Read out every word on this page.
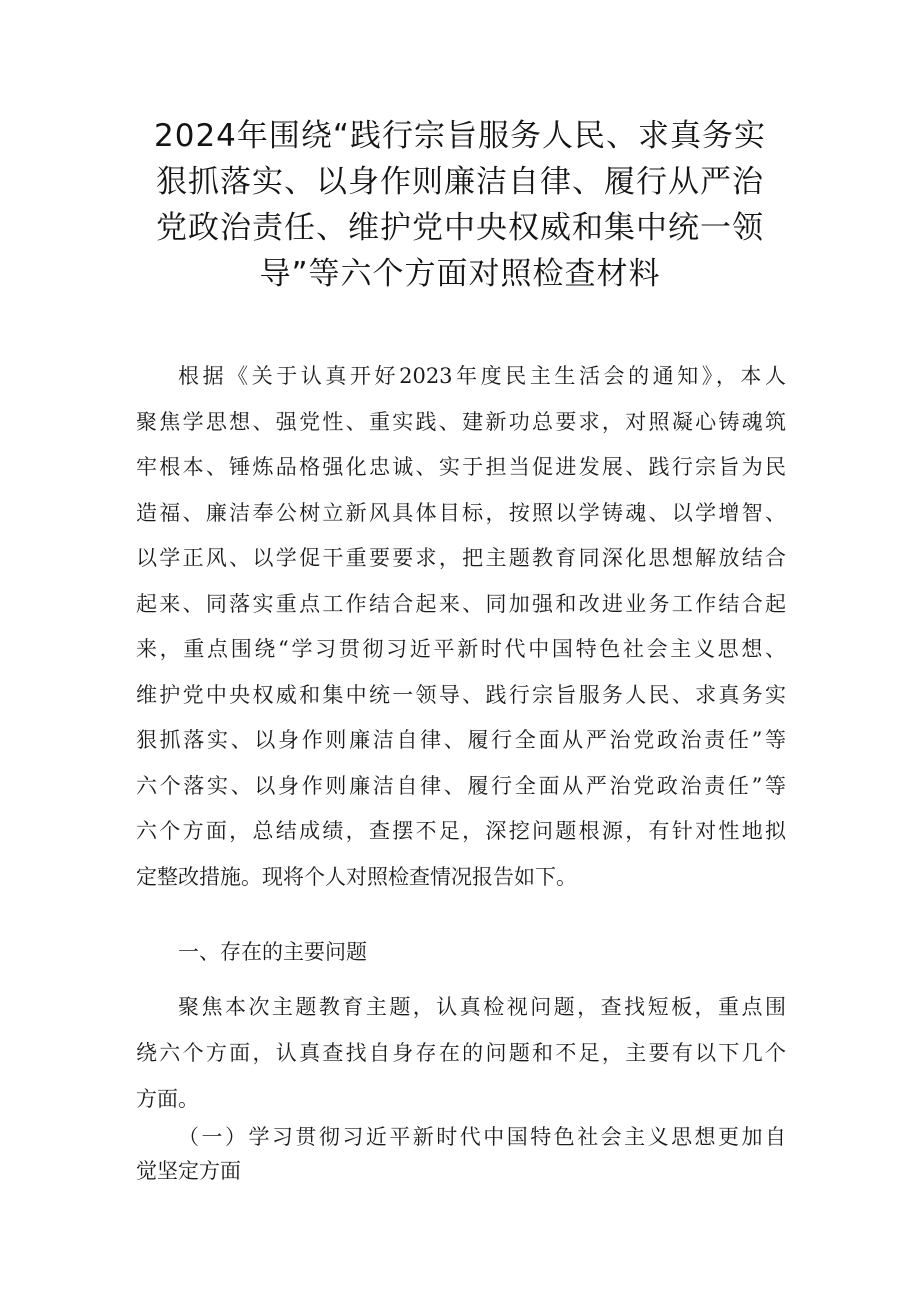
2024年围绕“践行宗旨服务人民、求真务实
狠抓落实、以身作则廉洁自律、履行从严治
党政治责任、维护党中央权威和集中统一领
导”等六个方面对照检查材料
根据《关于认真开好2023年度民主生活会的通知》，本人
聚焦学思想、强党性、重实践、建新功总要求，对照凝心铸魂筑
牢根本、锤炼品格强化忠诚、实于担当促进发展、践行宗旨为民
造福、廉洁奉公树立新风具体目标，按照以学铸魂、以学增智、
以学正风、以学促干重要要求，把主题教育同深化思想解放结合
起来、同落实重点工作结合起来、同加强和改进业务工作结合起
来，重点围绕“学习贯彻习近平新时代中国特色社会主义思想、
维护党中央权威和集中统一领导、践行宗旨服务人民、求真务实
狠抓落实、以身作则廉洁自律、履行全面从严治党政治责任”等
六个落实、以身作则廉洁自律、履行全面从严治党政治责任”等
六个方面，总结成绩，查摆不足，深挖问题根源，有针对性地拟
定整改措施。现将个人对照检查情况报告如下。
一、存在的主要问题
聚焦本次主题教育主题，认真检视问题，查找短板，重点围
绕六个方面，认真查找自身存在的问题和不足，主要有以下几个
方面。
（一）学习贯彻习近平新时代中国特色社会主义思想更加自
觉坚定方面
